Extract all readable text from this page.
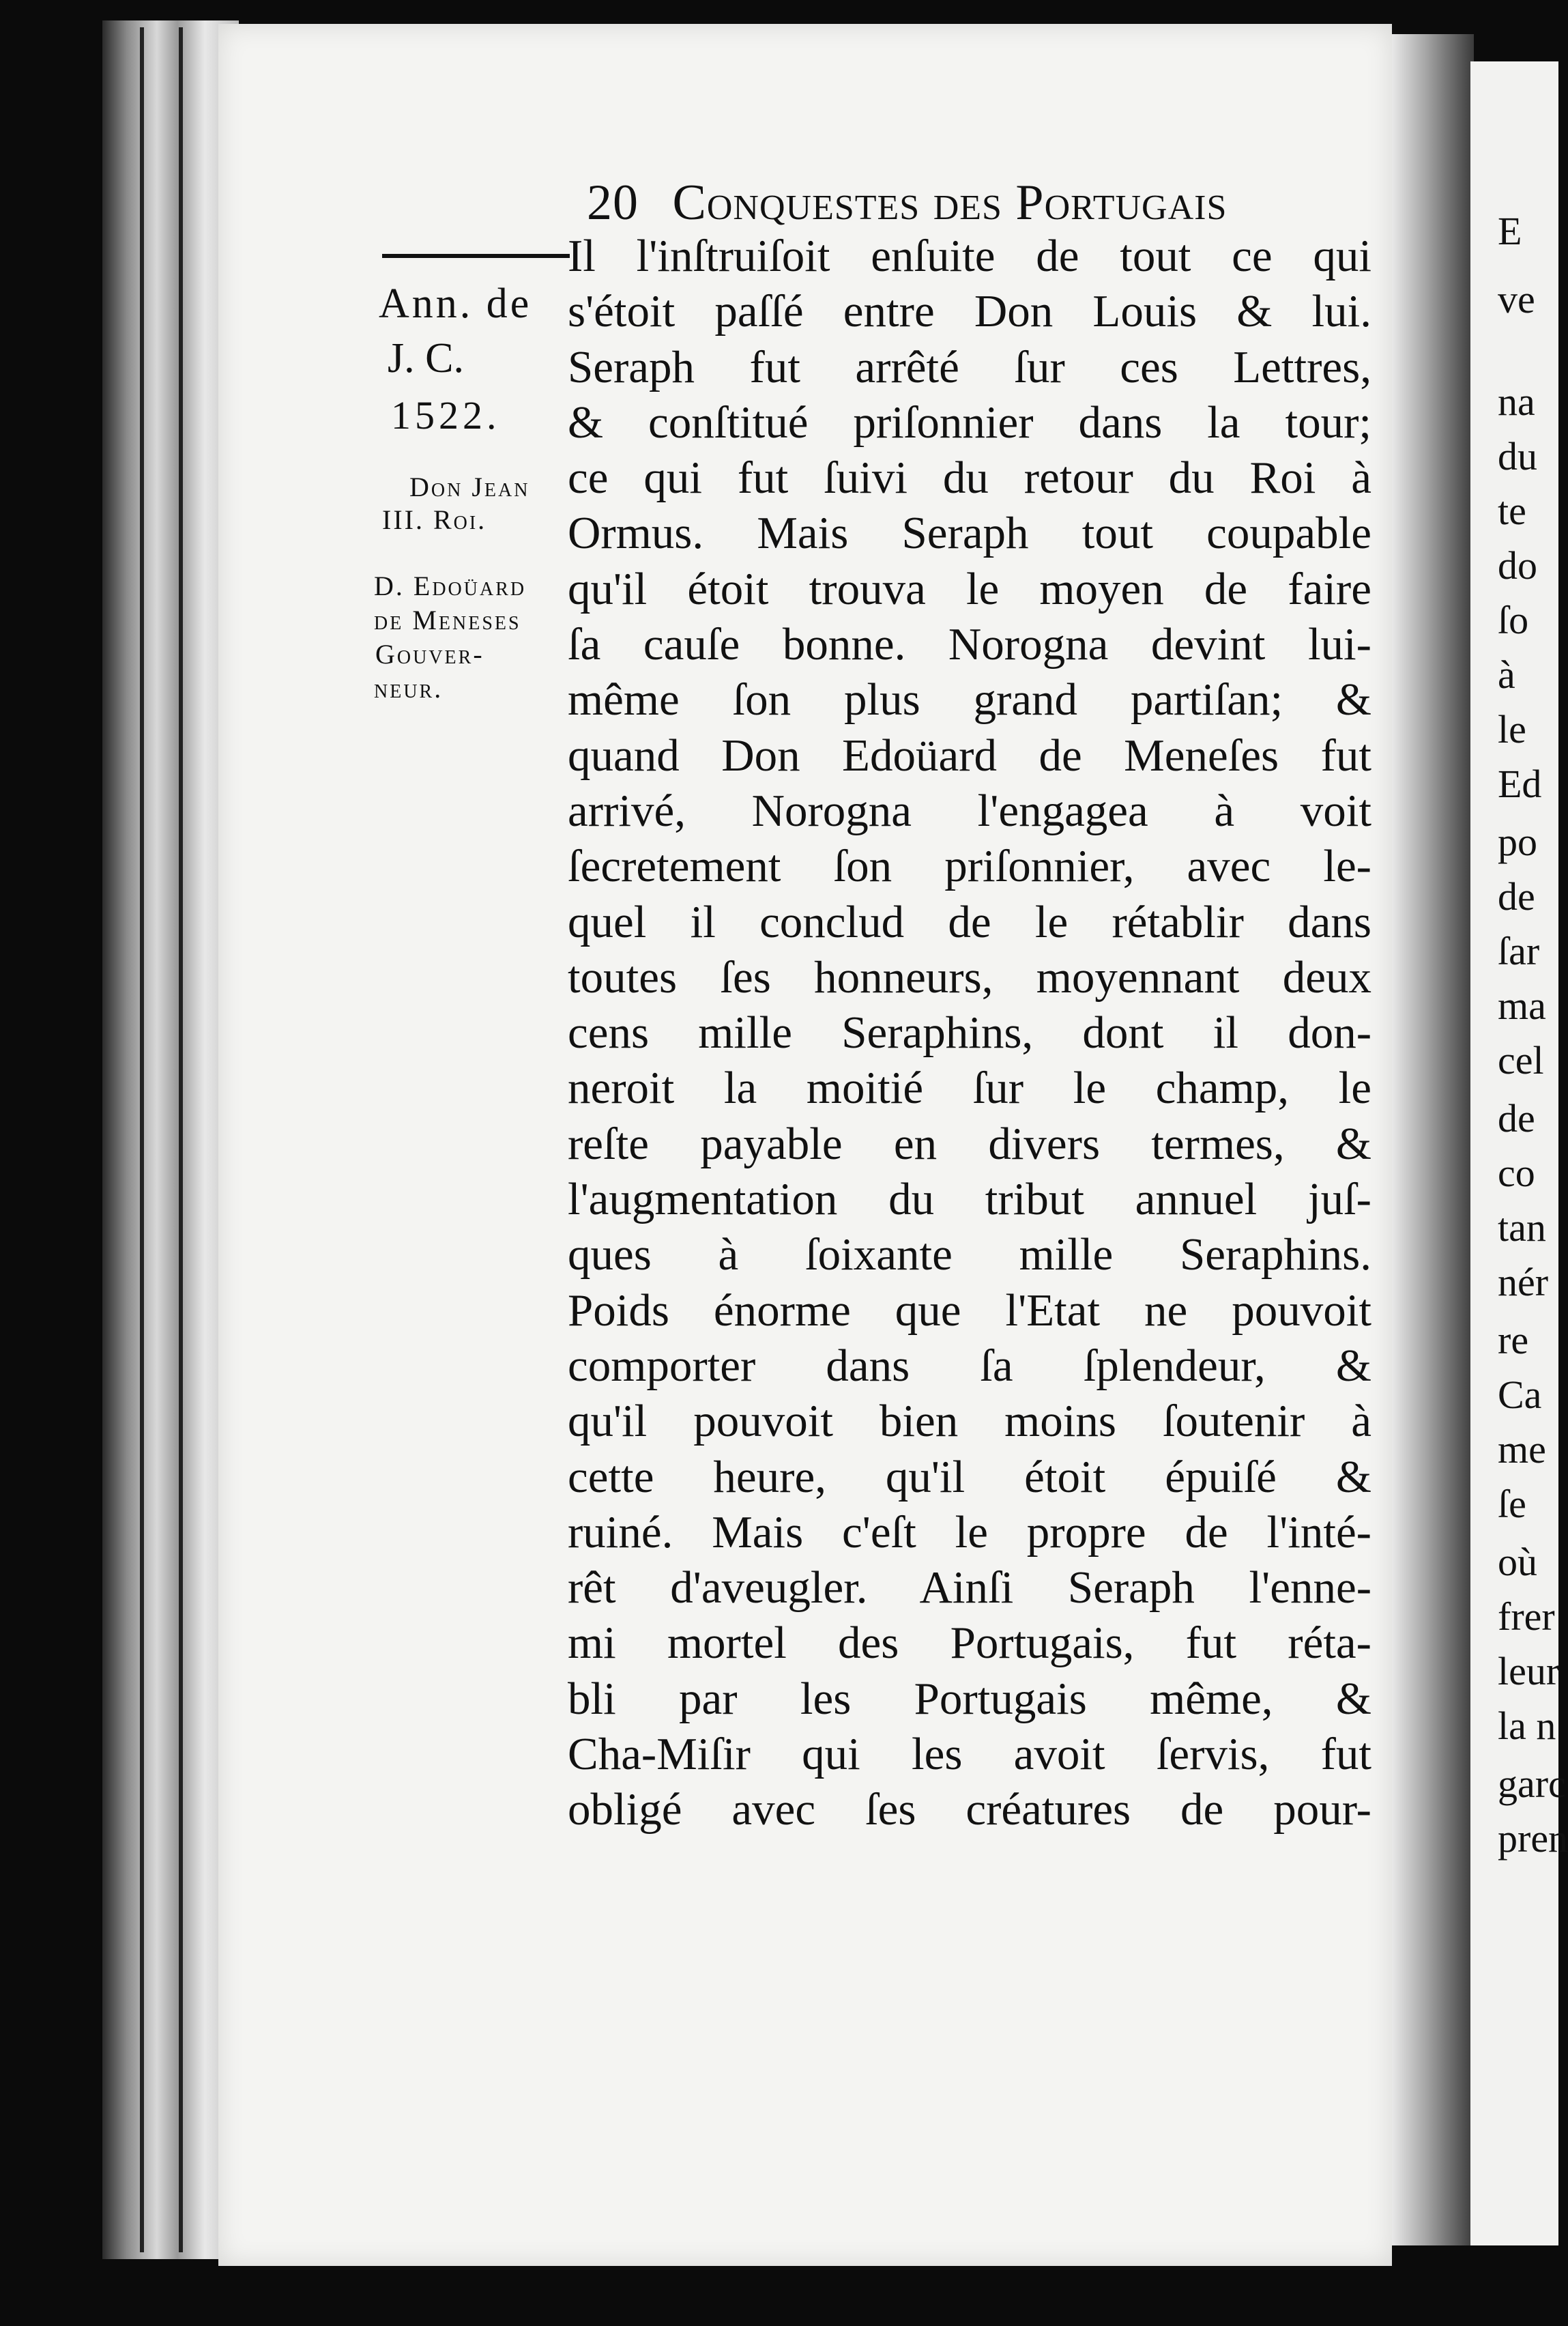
E
ve
na
du
te
do
ſo
à
le
Ed
po
de
ſar
ma
cel
de
co
tan
nér
re
Ca
me
ſe
où
frer
leur
la n
garc
pren
20 Conquestes des Portugais
Ann. de
J. C.
1522.
Don Jean
III. Roi.
D. Edoüard
de Meneses
Gouver-
neur.
Il l'inſtruiſoit enſuite de tout ce qui
s'étoit paſſé entre Don Louis & lui.
Seraph fut arrêté ſur ces Lettres,
& conſtitué priſonnier dans la tour;
ce qui fut ſuivi du retour du Roi à
Ormus. Mais Seraph tout coupable
qu'il étoit trouva le moyen de faire
ſa cauſe bonne. Norogna devint lui-
même ſon plus grand partiſan; &
quand Don Edoüard de Meneſes fut
arrivé, Norogna l'engagea à voit
ſecretement ſon priſonnier, avec le-
quel il conclud de le rétablir dans
toutes ſes honneurs, moyennant deux
cens mille Seraphins, dont il don-
neroit la moitié ſur le champ, le
reſte payable en divers termes, &
l'augmentation du tribut annuel juſ-
ques à ſoixante mille Seraphins.
Poids énorme que l'Etat ne pouvoit
comporter dans ſa ſplendeur, &
qu'il pouvoit bien moins ſoutenir à
cette heure, qu'il étoit épuiſé &
ruiné. Mais c'eſt le propre de l'inté-
rêt d'aveugler. Ainſi Seraph l'enne-
mi mortel des Portugais, fut réta-
bli par les Portugais même, &
Cha-Miſir qui les avoit ſervis, fut
obligé avec ſes créatures de pour-
